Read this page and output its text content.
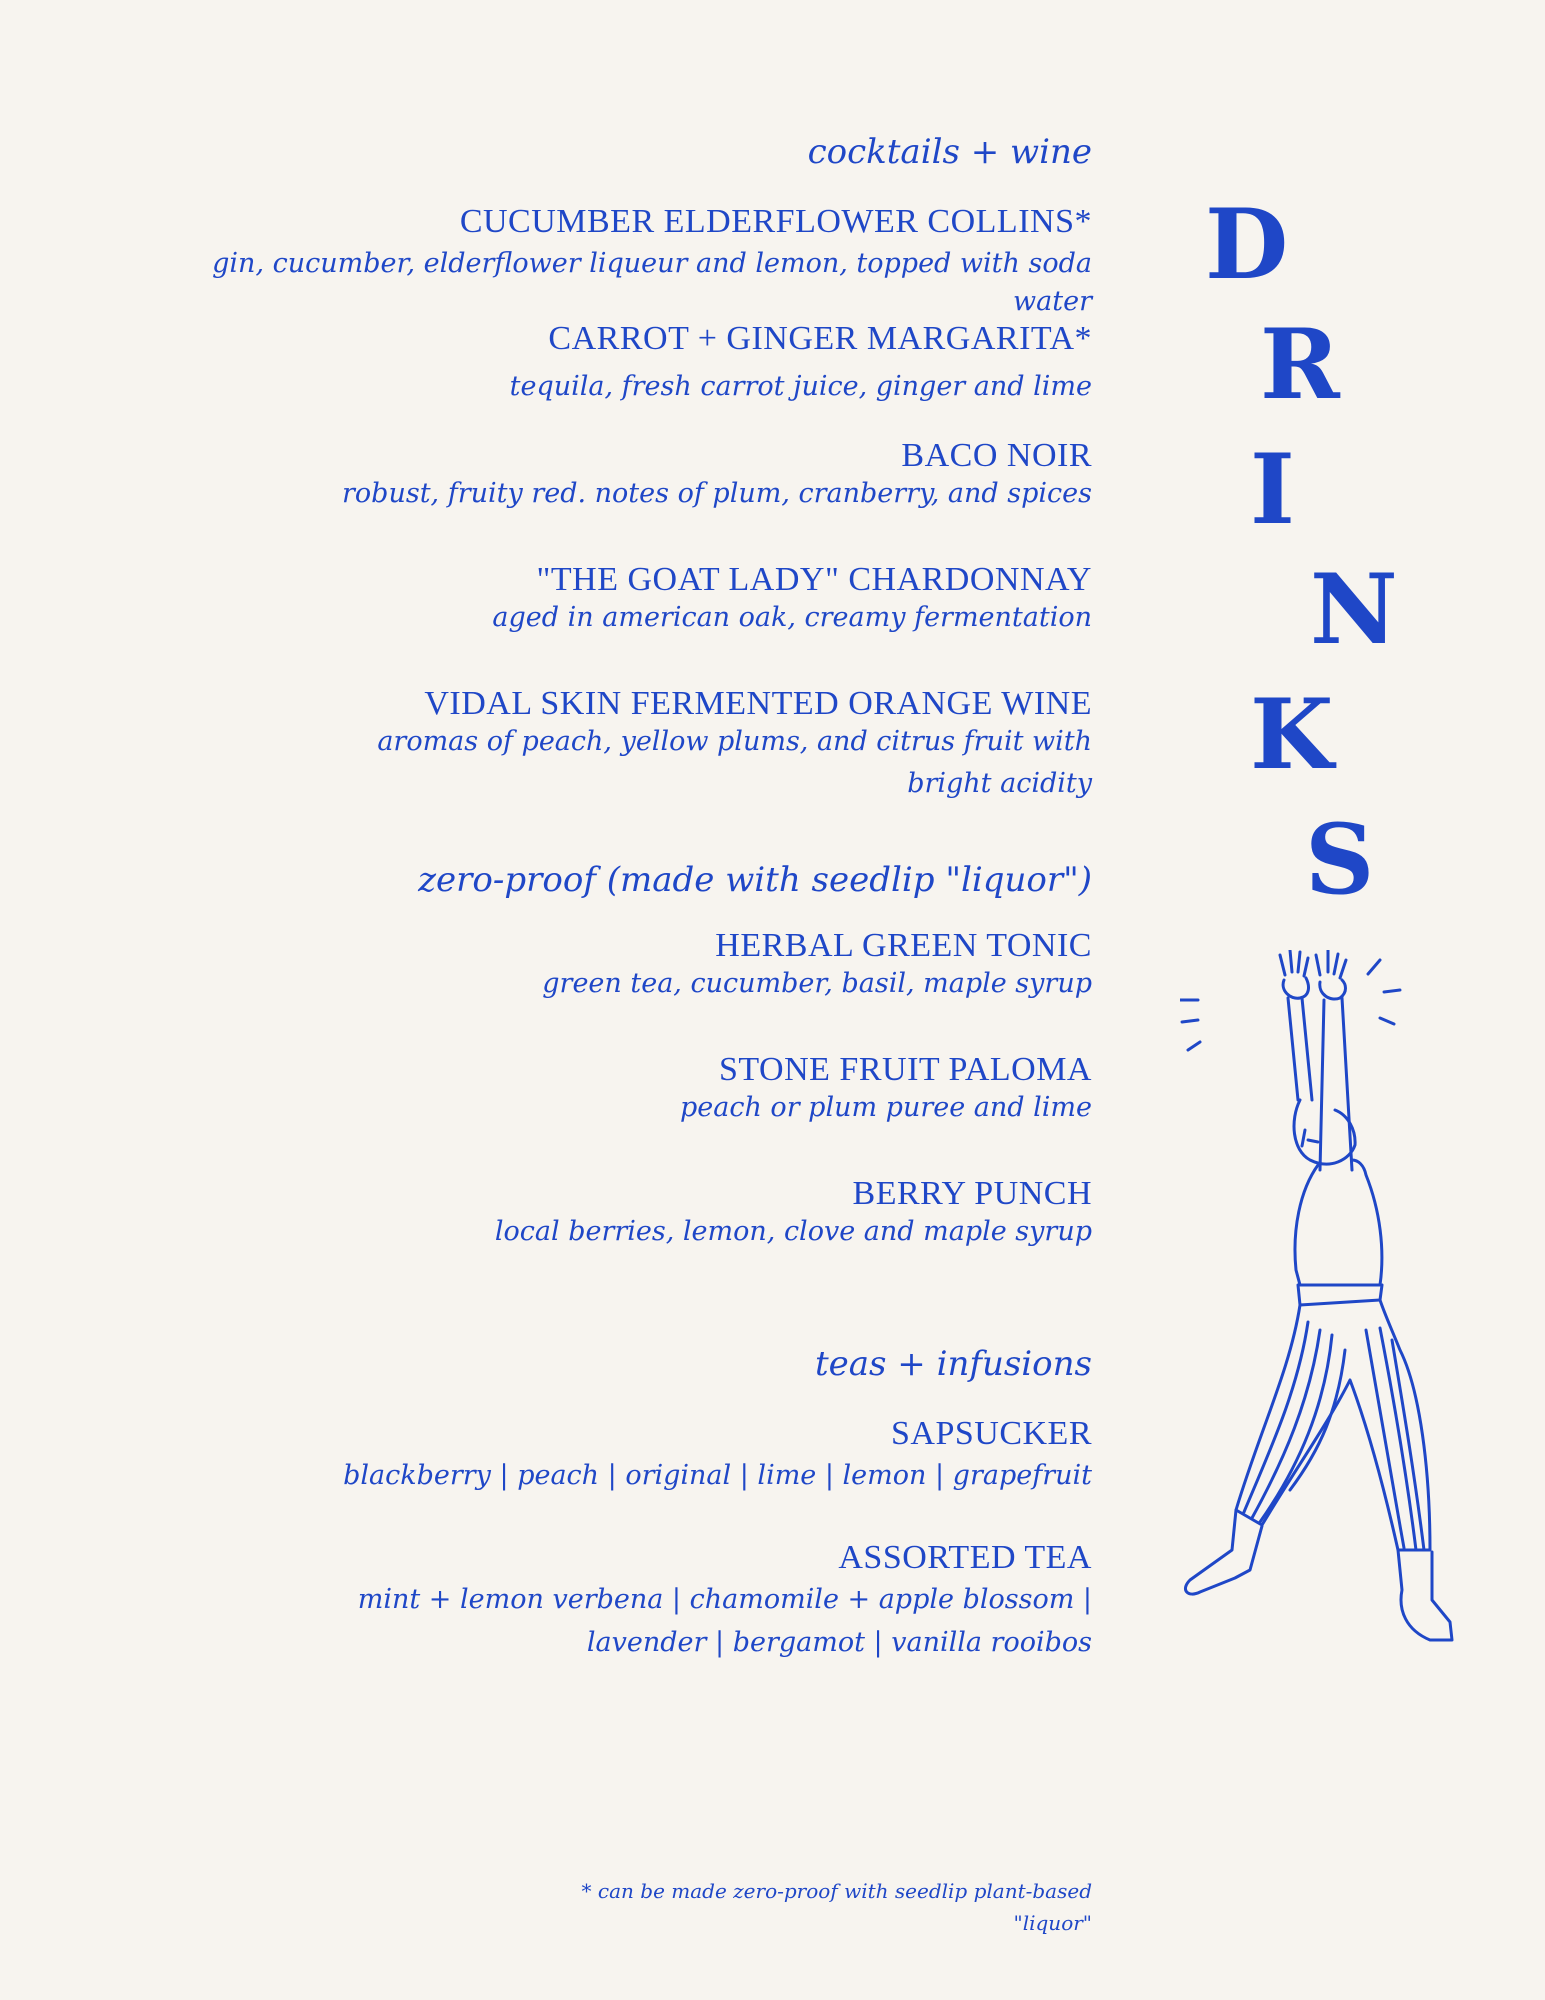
cocktails + wine
CUCUMBER ELDERFLOWER COLLINS*
gin, cucumber, elderflower liqueur and lemon, topped with soda
water
CARROT + GINGER MARGARITA*
tequila, fresh carrot juice, ginger and lime
BACO NOIR
robust, fruity red. notes of plum, cranberry, and spices
"THE GOAT LADY" CHARDONNAY
aged in american oak, creamy fermentation
VIDAL SKIN FERMENTED ORANGE WINE
aromas of peach, yellow plums, and citrus fruit with
bright acidity
zero-proof (made with seedlip "liquor")
HERBAL GREEN TONIC
green tea, cucumber, basil, maple syrup
STONE FRUIT PALOMA
peach or plum puree and lime
BERRY PUNCH
local berries, lemon, clove and maple syrup
teas + infusions
SAPSUCKER
blackberry | peach | original | lime | lemon | grapefruit
ASSORTED TEA
mint + lemon verbena | chamomile + apple blossom |
lavender | bergamot | vanilla rooibos
* can be made zero-proof with seedlip plant-based
"liquor"
D
R
I
N
K
S
